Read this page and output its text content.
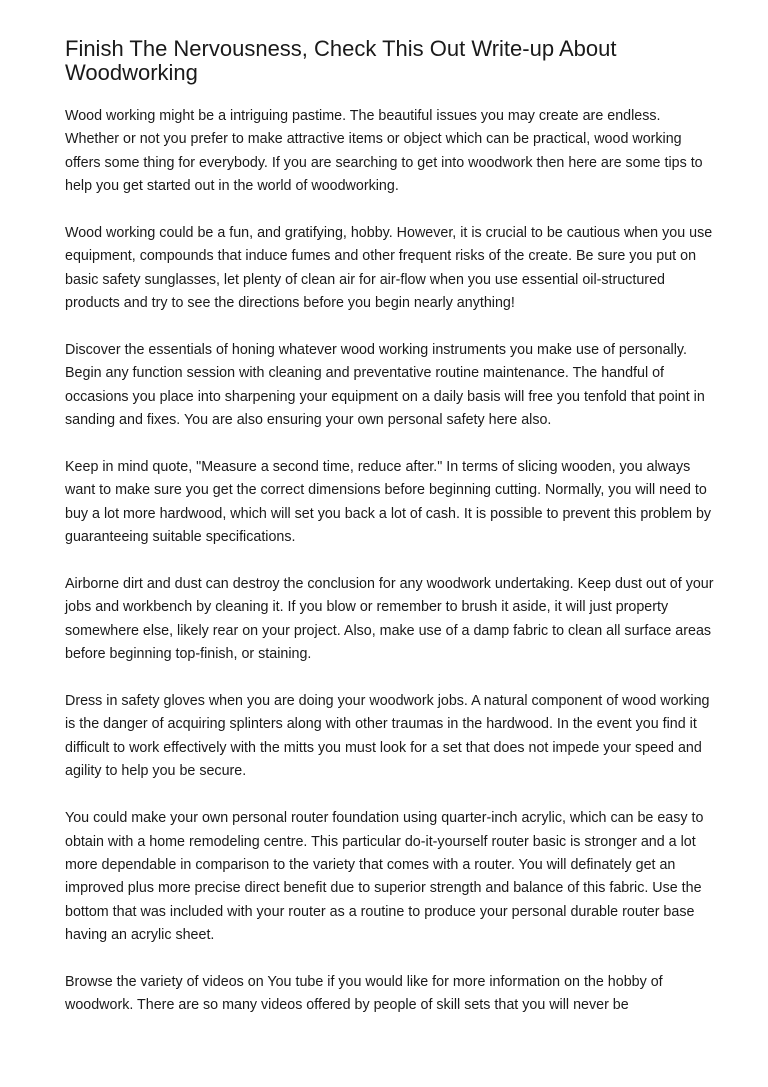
Finish The Nervousness, Check This Out Write-up About Woodworking

Wood working might be a intriguing pastime. The beautiful issues you may create are endless. Whether or not you prefer to make attractive items or object which can be practical, wood working offers some thing for everybody. If you are searching to get into woodwork then here are some tips to help you get started out in the world of woodworking.

Wood working could be a fun, and gratifying, hobby. However, it is crucial to be cautious when you use equipment, compounds that induce fumes and other frequent risks of the create. Be sure you put on basic safety sunglasses, let plenty of clean air for air-flow when you use essential oil-structured products and try to see the directions before you begin nearly anything!

Discover the essentials of honing whatever wood working instruments you make use of personally. Begin any function session with cleaning and preventative routine maintenance. The handful of occasions you place into sharpening your equipment on a daily basis will free you tenfold that point in sanding and fixes. You are also ensuring your own personal safety here also.

Keep in mind quote, "Measure a second time, reduce after." In terms of slicing wooden, you always want to make sure you get the correct dimensions before beginning cutting. Normally, you will need to buy a lot more hardwood, which will set you back a lot of cash. It is possible to prevent this problem by guaranteeing suitable specifications.

Airborne dirt and dust can destroy the conclusion for any woodwork undertaking. Keep dust out of your jobs and workbench by cleaning it. If you blow or remember to brush it aside, it will just property somewhere else, likely rear on your project. Also, make use of a damp fabric to clean all surface areas before beginning top-finish, or staining.

Dress in safety gloves when you are doing your woodwork jobs. A natural component of wood working is the danger of acquiring splinters along with other traumas in the hardwood. In the event you find it difficult to work effectively with the mitts you must look for a set that does not impede your speed and agility to help you be secure.

You could make your own personal router foundation using quarter-inch acrylic, which can be easy to obtain with a home remodeling centre. This particular do-it-yourself router basic is stronger and a lot more dependable in comparison to the variety that comes with a router. You will definately get an improved plus more precise direct benefit due to superior strength and balance of this fabric. Use the bottom that was included with your router as a routine to produce your personal durable router base having an acrylic sheet.

Browse the variety of videos on You tube if you would like for more information on the hobby of woodwork. There are so many videos offered by people of skill sets that you will never be
